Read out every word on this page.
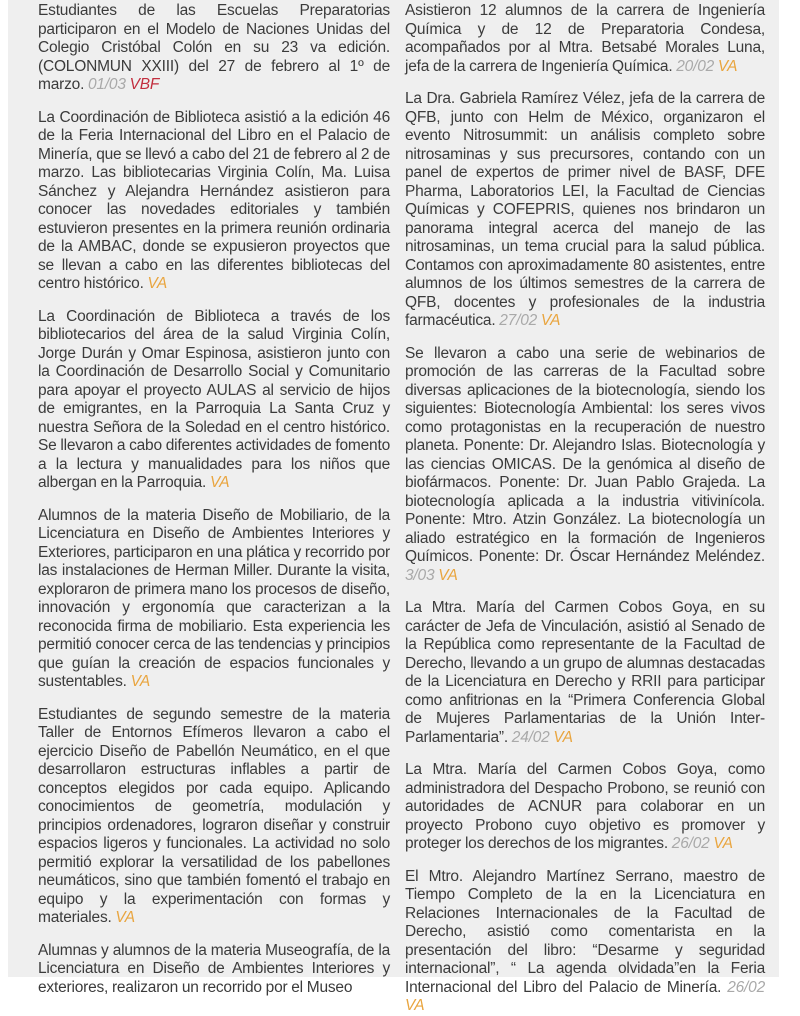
Estudiantes de las Escuelas Preparatorias participaron en el Modelo de Naciones Unidas del Colegio Cristóbal Colón en su 23 va edición. (COLONMUN XXIII) del 27 de febrero al 1º de marzo. 01/03 VBF

La Coordinación de Biblioteca asistió a la edición 46 de la Feria Internacional del Libro en el Palacio de Minería, que se llevó a cabo del 21 de febrero al 2 de marzo. Las bibliotecarias Virginia Colín, Ma. Luisa Sánchez y Alejandra Hernández asistieron para conocer las novedades editoriales y también estuvieron presentes en la primera reunión ordinaria de la AMBAC, donde se expusieron proyectos que se llevan a cabo en las diferentes bibliotecas del centro histórico. VA

La Coordinación de Biblioteca a través de los bibliotecarios del área de la salud Virginia Colín, Jorge Durán y Omar Espinosa, asistieron junto con la Coordinación de Desarrollo Social y Comunitario para apoyar el proyecto AULAS al servicio de hijos de emigrantes, en la Parroquia La Santa Cruz y nuestra Señora de la Soledad en el centro histórico. Se llevaron a cabo diferentes actividades de fomento a la lectura y manualidades para los niños que albergan en la Parroquia. VA

Alumnos de la materia Diseño de Mobiliario, de la Licenciatura en Diseño de Ambientes Interiores y Exteriores, participaron en una plática y recorrido por las instalaciones de Herman Miller. Durante la visita, exploraron de primera mano los procesos de diseño, innovación y ergonomía que caracterizan a la reconocida firma de mobiliario. Esta experiencia les permitió conocer cerca de las tendencias y principios que guían la creación de espacios funcionales y sustentables. VA

Estudiantes de segundo semestre de la materia Taller de Entornos Efímeros llevaron a cabo el ejercicio Diseño de Pabellón Neumático, en el que desarrollaron estructuras inflables a partir de conceptos elegidos por cada equipo. Aplicando conocimientos de geometría, modulación y principios ordenadores, lograron diseñar y construir espacios ligeros y funcionales. La actividad no solo permitió explorar la versatilidad de los pabellones neumáticos, sino que también fomentó el trabajo en equipo y la experimentación con formas y materiales. VA

Alumnas y alumnos de la materia Museografía, de la Licenciatura en Diseño de Ambientes Interiores y exteriores, realizaron un recorrido por el Museo

Asistieron 12 alumnos de la carrera de Ingeniería Química y de 12 de Preparatoria Condesa, acompañados por al Mtra. Betsabé Morales Luna, jefa de la carrera de Ingeniería Química. 20/02 VA

La Dra. Gabriela Ramírez Vélez, jefa de la carrera de QFB, junto con Helm de México, organizaron el evento Nitrosummit: un análisis completo sobre nitrosaminas y sus precursores, contando con un panel de expertos de primer nivel de BASF, DFE Pharma, Laboratorios LEI, la Facultad de Ciencias Químicas y COFEPRIS, quienes nos brindaron un panorama integral acerca del manejo de las nitrosaminas, un tema crucial para la salud pública. Contamos con aproximadamente 80 asistentes, entre alumnos de los últimos semestres de la carrera de QFB, docentes y profesionales de la industria farmacéutica. 27/02 VA

Se llevaron a cabo una serie de webinarios de promoción de las carreras de la Facultad sobre diversas aplicaciones de la biotecnología, siendo los siguientes: Biotecnología Ambiental: los seres vivos como protagonistas en la recuperación de nuestro planeta. Ponente: Dr. Alejandro Islas. Biotecnología y las ciencias OMICAS. De la genómica al diseño de biofármacos. Ponente: Dr. Juan Pablo Grajeda. La biotecnología aplicada a la industria vitivinícola. Ponente: Mtro. Atzin González. La biotecnología un aliado estratégico en la formación de Ingenieros Químicos. Ponente: Dr. Óscar Hernández Meléndez. 3/03 VA

La Mtra. María del Carmen Cobos Goya, en su carácter de Jefa de Vinculación, asistió al Senado de la República como representante de la Facultad de Derecho, llevando a un grupo de alumnas destacadas de la Licenciatura en Derecho y RRII para participar como anfitrionas en la “Primera Conferencia Global de Mujeres Parlamentarias de la Unión Inter-Parlamentaria”. 24/02 VA

La Mtra. María del Carmen Cobos Goya, como administradora del Despacho Probono, se reunió con autoridades de ACNUR para colaborar en un proyecto Probono cuyo objetivo es promover y proteger los derechos de los migrantes. 26/02 VA

El Mtro. Alejandro Martínez Serrano, maestro de Tiempo Completo de la en la Licenciatura en Relaciones Internacionales de la Facultad de Derecho, asistió como comentarista en la presentación del libro: “Desarme y seguridad internacional”, “ La agenda olvidada”en la Feria Internacional del Libro del Palacio de Minería. 26/02 VA
